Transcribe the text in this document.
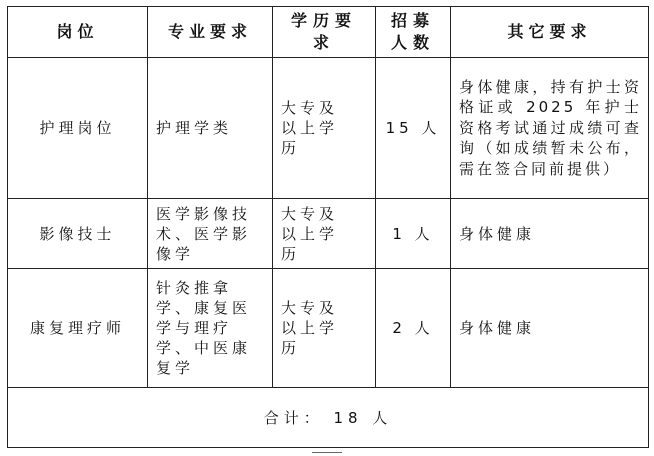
岗位	专业要求	学历要求	招募人数	其它要求
护理岗位	护理学类	大专及以上学历	15 人	身体健康，持有护士资格证或 2025 年护士资格考试通过成绩可查询（如成绩暂未公布，需在签合同前提供）
影像技士	医学影像技术、医学影像学	大专及以上学历	1 人	身体健康
康复理疗师	针灸推拿学、康复医学与理疗学、中医康复学	大专及以上学历	2 人	身体健康
合计： 18 人				
